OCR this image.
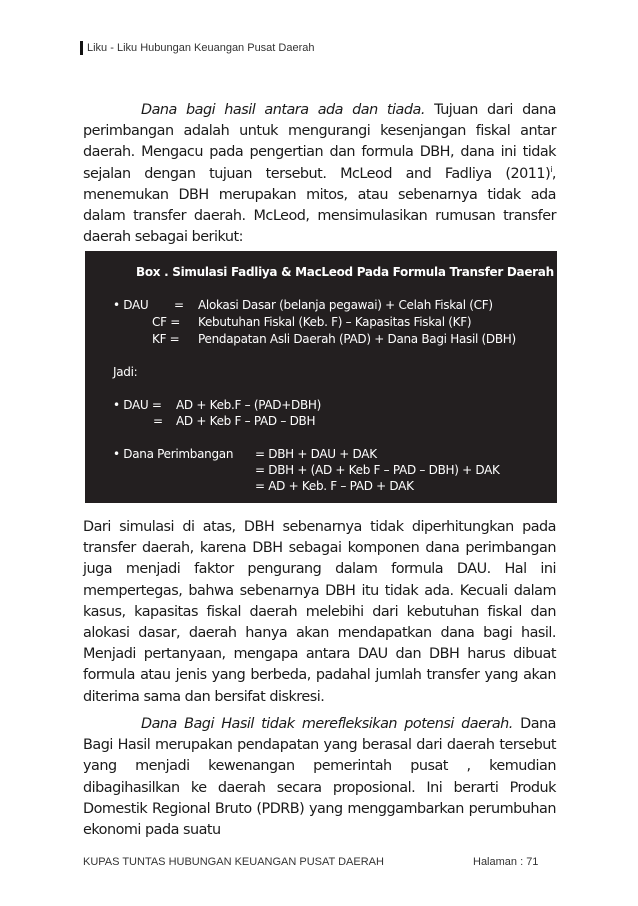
Liku - Liku Hubungan Keuangan Pusat Daerah

Dana bagi hasil antara ada dan tiada. Tujuan dari dana perimbangan adalah untuk mengurangi kesenjangan fiskal antar daerah. Mengacu pada pengertian dan formula DBH, dana ini tidak sejalan dengan tujuan tersebut. McLeod and Fadliya $(2011)^i$, menemukan DBH merupakan mitos, atau sebenarnya tidak ada dalam transfer daerah. McLeod, mensimulasikan rumusan transfer daerah sebagai berikut:

Box . Simulasi Fadliya & MacLeod Pada Formula Transfer Daerah
• DAU = Alokasi Dasar (belanja pegawai) + Celah Fiskal (CF)
CF = Kebutuhan Fiskal (Keb. F) – Kapasitas Fiskal (KF)
KF = Pendapatan Asli Daerah (PAD) + Dana Bagi Hasil (DBH)
Jadi:
• DAU = AD + Keb.F – (PAD+DBH)
= AD + Keb F – PAD – DBH
• Dana Perimbangan = DBH + DAU + DAK
= DBH + (AD + Keb F – PAD – DBH) + DAK
= AD + Keb. F – PAD + DAK

Dari simulasi di atas, DBH sebenarnya tidak diperhitungkan pada transfer daerah, karena DBH sebagai komponen dana perimbangan juga menjadi faktor pengurang dalam formula DAU. Hal ini mempertegas, bahwa sebenarnya DBH itu tidak ada. Kecuali dalam kasus, kapasitas fiskal daerah melebihi dari kebutuhan fiskal dan alokasi dasar, daerah hanya akan mendapatkan dana bagi hasil. Menjadi pertanyaan, mengapa antara DAU dan DBH harus dibuat formula atau jenis yang berbeda, padahal jumlah transfer yang akan diterima sama dan bersifat diskresi.

Dana Bagi Hasil tidak merefleksikan potensi daerah. Dana Bagi Hasil merupakan pendapatan yang berasal dari daerah tersebut yang menjadi kewenangan pemerintah pusat , kemudian dibagihasilkan ke daerah secara proposional. Ini berarti Produk Domestik Regional Bruto (PDRB) yang menggambarkan perumbuhan ekonomi pada suatu

KUPAS TUNTAS HUBUNGAN KEUANGAN PUSAT DAERAH	Halaman : 71
